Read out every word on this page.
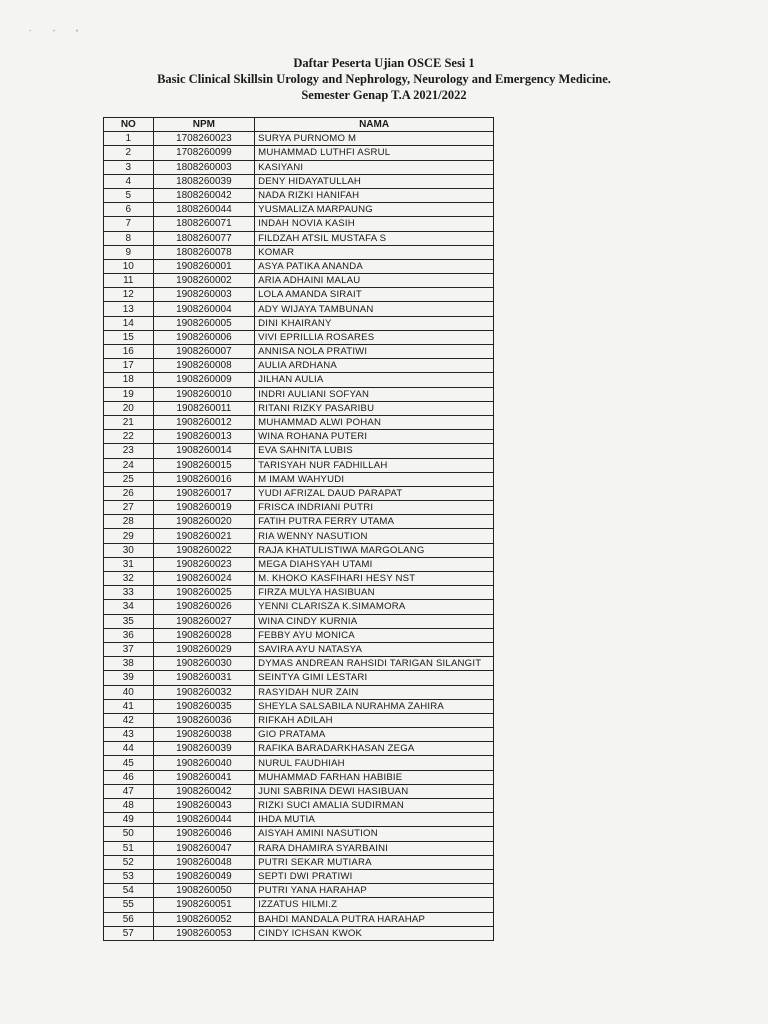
˙ ˊ ˇ
Daftar Peserta Ujian OSCE Sesi 1
Basic Clinical Skillsin Urology and Nephrology, Neurology and Emergency Medicine.
Semester Genap T.A 2021/2022
NO	NPM	NAMA
1	1708260023	SURYA PURNOMO M
2	1708260099	MUHAMMAD LUTHFI ASRUL
3	1808260003	KASIYANI
4	1808260039	DENY HIDAYATULLAH
5	1808260042	NADA RIZKI HANIFAH
6	1808260044	YUSMALIZA MARPAUNG
7	1808260071	INDAH NOVIA KASIH
8	1808260077	FILDZAH ATSIL MUSTAFA S
9	1808260078	KOMAR
10	1908260001	ASYA PATIKA ANANDA
11	1908260002	ARIA ADHAINI MALAU
12	1908260003	LOLA AMANDA SIRAIT
13	1908260004	ADY WIJAYA TAMBUNAN
14	1908260005	DINI KHAIRANY
15	1908260006	VIVI EPRILLIA ROSARES
16	1908260007	ANNISA NOLA PRATIWI
17	1908260008	AULIA ARDHANA
18	1908260009	JILHAN AULIA
19	1908260010	INDRI AULIANI SOFYAN
20	1908260011	RITANI RIZKY PASARIBU
21	1908260012	MUHAMMAD ALWI POHAN
22	1908260013	WINA ROHANA PUTERI
23	1908260014	EVA SAHNITA LUBIS
24	1908260015	TARISYAH NUR FADHILLAH
25	1908260016	M IMAM WAHYUDI
26	1908260017	YUDI AFRIZAL DAUD PARAPAT
27	1908260019	FRISCA INDRIANI PUTRI
28	1908260020	FATIH PUTRA FERRY UTAMA
29	1908260021	RIA WENNY NASUTION
30	1908260022	RAJA KHATULISTIWA MARGOLANG
31	1908260023	MEGA DIAHSYAH UTAMI
32	1908260024	M. KHOKO KASFIHARI HESY NST
33	1908260025	FIRZA MULYA HASIBUAN
34	1908260026	YENNI CLARISZA K.SIMAMORA
35	1908260027	WINA CINDY KURNIA
36	1908260028	FEBBY AYU MONICA
37	1908260029	SAVIRA AYU NATASYA
38	1908260030	DYMAS ANDREAN RAHSIDI TARIGAN SILANGIT
39	1908260031	SEINTYA GIMI LESTARI
40	1908260032	RASYIDAH NUR ZAIN
41	1908260035	SHEYLA SALSABILA NURAHMA ZAHIRA
42	1908260036	RIFKAH ADILAH
43	1908260038	GIO PRATAMA
44	1908260039	RAFIKA BARADARKHASAN ZEGA
45	1908260040	NURUL FAUDHIAH
46	1908260041	MUHAMMAD FARHAN HABIBIE
47	1908260042	JUNI SABRINA DEWI HASIBUAN
48	1908260043	RIZKI SUCI AMALIA SUDIRMAN
49	1908260044	IHDA MUTIA
50	1908260046	AISYAH AMINI NASUTION
51	1908260047	RARA DHAMIRA SYARBAINI
52	1908260048	PUTRI SEKAR MUTIARA
53	1908260049	SEPTI DWI PRATIWI
54	1908260050	PUTRI YANA HARAHAP
55	1908260051	IZZATUS HILMI.Z
56	1908260052	BAHDI MANDALA PUTRA HARAHAP
57	1908260053	CINDY ICHSAN KWOK
